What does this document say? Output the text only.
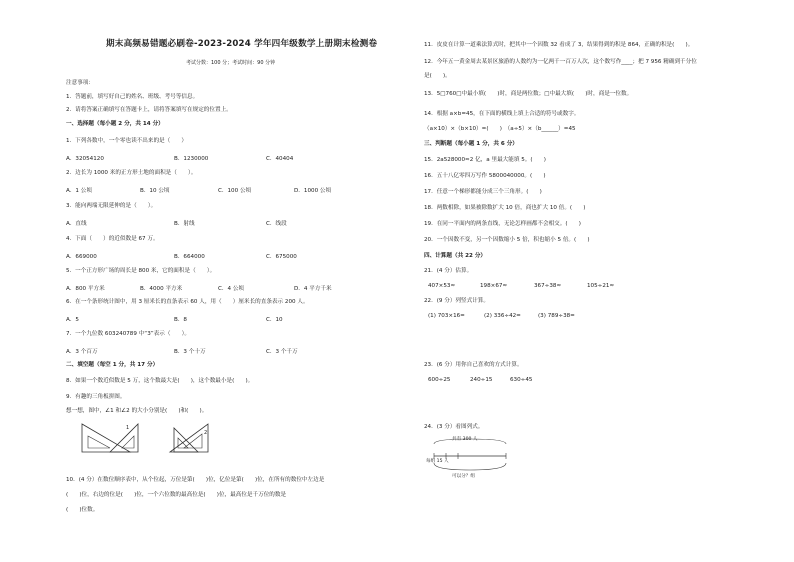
期末高频易错题必刷卷-2023-2024 学年四年级数学上册期末检测卷
考试分数：100 分；考试时间：90 分钟
注意事项：
1．答题前，填写好自己的姓名、班级、考号等信息。
2．请将答案正确填写在答题卡上，请将答案填写在规定的位置上。
一、选择题（每小题 2 分，共 14 分）
1．下列各数中，一个零也读不出来的是（　　）
A．32054120	B．1230000	C．40404
2．边长为 1000 米的正方形土地的面积是（　　）。
A．1 公顷	B．10 公顷	C．100 公顷	D．1000 公顷
3．能向两端无限延伸的是（　　）。
A．直线	B．射线	C．线段
4．下面（　　）的近似数是 67 万。
A．669000	B．664000	C．675000
5．一个正方形广场的周长是 800 米，它的面积是（　　）。
A．800 平方米	B．4000 平方米	C．4 公顷	D．4 平方千米
6．在一个条形统计图中，用 3 厘米长的直条表示 60 人，用（　　）厘米长的直条表示 200 人。
A．5	B．8	C．10
7．一个九位数 603240789 中“3”表示（　　）。
A．3 个百万	B．3 个十万	C．3 个千万
二、填空题（每空 1 分，共 17 分）
8．如果一个数近似数是 5 万，这个数最大是(　　)，这个数最小是(　　)。
9．有趣的三角板拼图。
想一想，图中，∠1 和∠2 的大小分别是(　　)和(　　)。
1
2
10．(4 分）在数位顺序表中，从个位起，万位是第(　　)位，亿位是第(　　)位，在所有的数位中左边是
(　　)位，右边的位是(　　)位，一个六位数的最高位是(　　)位，最高位是千万位的数是
(　　)位数。
11．皮皮在计算一道乘法算式时，把其中一个因数 32 看成了 3，结果得到的积是 864，正确的积是(　　)。
12．今年五一黄金周去某景区旅游的人数约为一亿两千一百万人次，这个数写作____；把 7 956 精确到千分位
是(　　)。
13．5□760□中最小填(　　)时，商是两位数；□中最大填(　　)时，商是一位数。
14．根据 a×b=45，在下面的横线上填上合适的符号或数字。
（a×10）×（b×10）=(　　)　（a÷5）×（b______）=45
三、判断题（每小题 1 分，共 6 分）
15．2a528000≈2 亿，a 里最大能填 5。(　　)
16．五十八亿零四万写作 5800040000。(　　)
17．任意一个梯形都能分成三个三角形。(　　)
18．两数相除，如果被除数扩大 10 倍，商也扩大 10 倍。(　　)
19．在同一平面内的两条直线，无论怎样画都不会相交。(　　)
20．一个因数不变，另一个因数缩小 5 倍，积也缩小 5 倍。(　　)
四、计算题（共 22 分）
21．(4 分）估算。
407×53≈	198×67≈	367÷38≈	105÷21≈
22．(9 分）列竖式计算。
(1) 703×16=	(2) 336÷42=	(3) 789÷38=
23．(6 分）用你自己喜欢的方式计算。
600÷25	240÷15	630÷45
24．(3 分）看图列式。
共有 300 人
每组 15 人
可以分？组
